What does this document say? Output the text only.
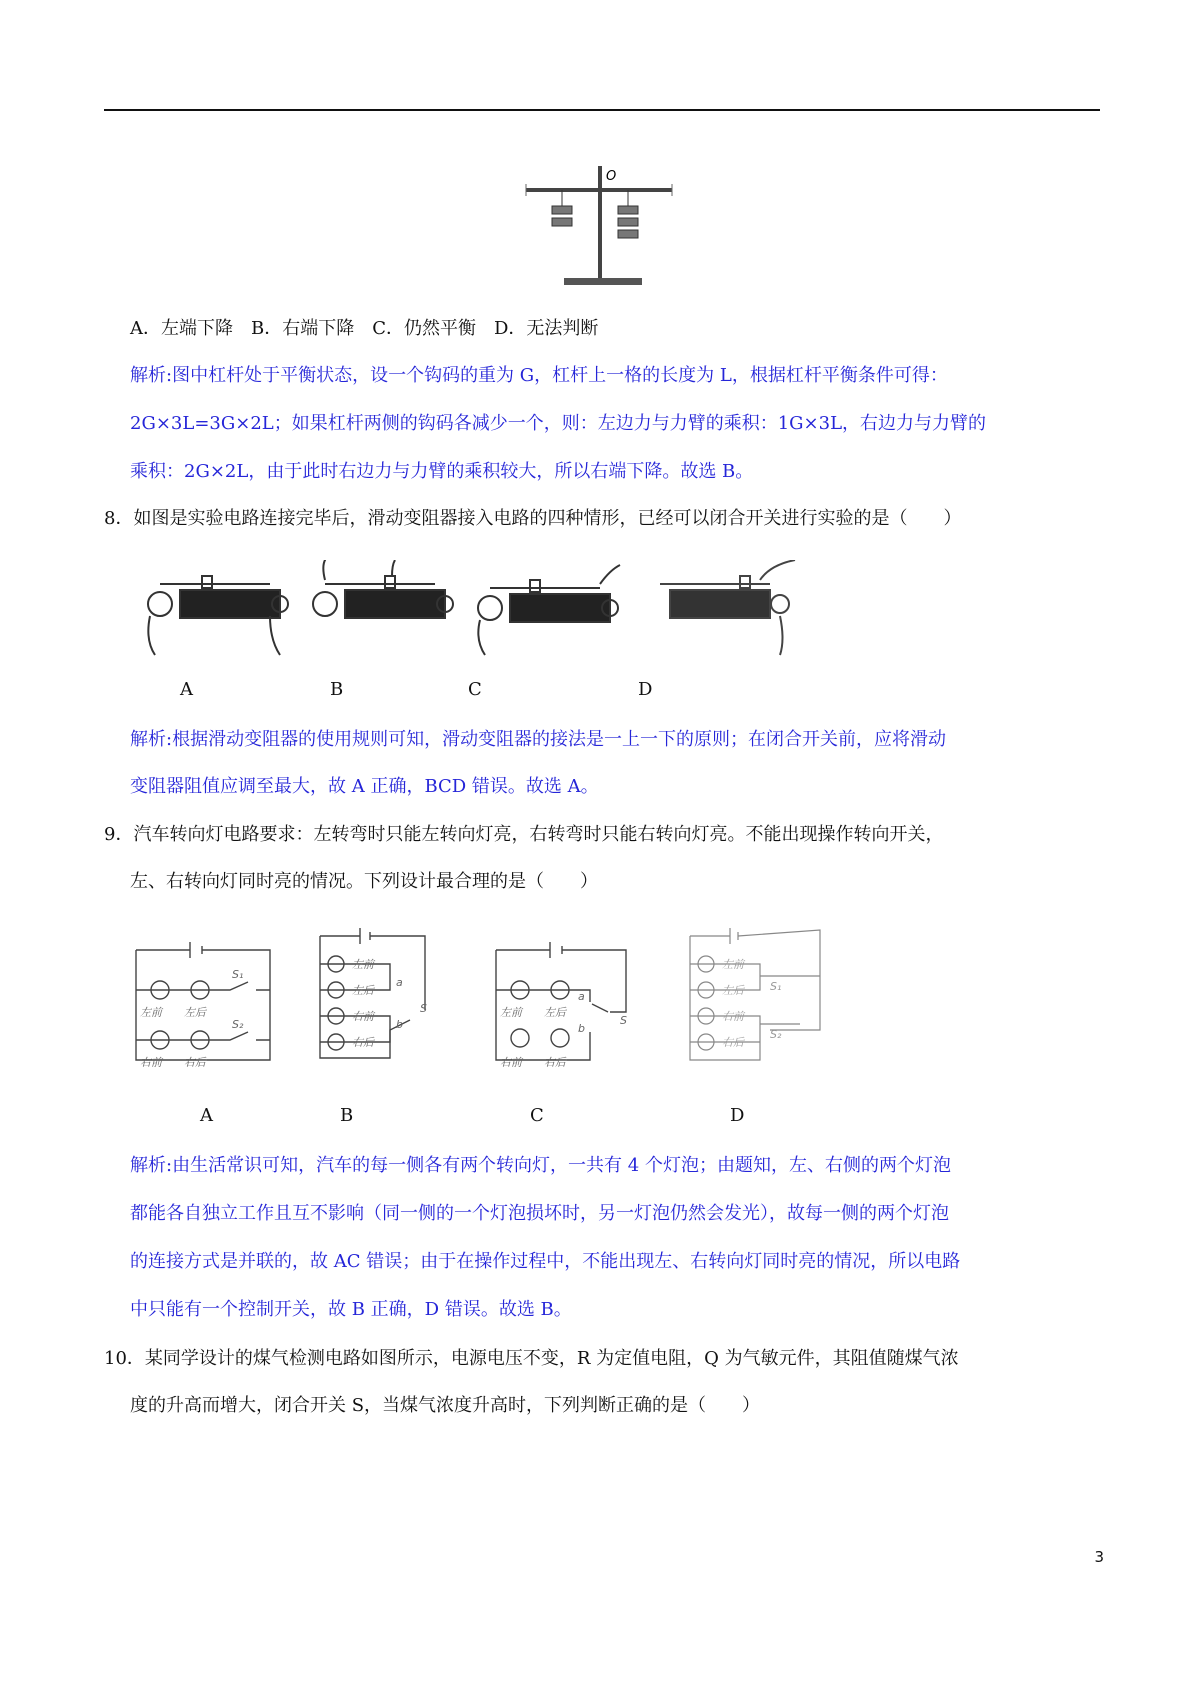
O
A．左端下降　B．右端下降　C．仍然平衡　D．无法判断
解析:图中杠杆处于平衡状态，设一个钩码的重为 G，杠杆上一格的长度为 L，根据杠杆平衡条件可得：
2G×3L=3G×2L；如果杠杆两侧的钩码各减少一个，则：左边力与力臂的乘积：1G×3L，右边力与力臂的
乘积：2G×2L，由于此时右边力与力臂的乘积较大，所以右端下降。故选 B。
8．如图是实验电路连接完毕后，滑动变阻器接入电路的四种情形，已经可以闭合开关进行实验的是（　　）
A	B	C	D
解析:根据滑动变阻器的使用规则可知，滑动变阻器的接法是一上一下的原则；在闭合开关前，应将滑动
变阻器阻值应调至最大，故 A 正确，BCD 错误。故选 A。
9．汽车转向灯电路要求：左转弯时只能左转向灯亮，右转弯时只能右转向灯亮。不能出现操作转向开关，
左、右转向灯同时亮的情况。下列设计最合理的是（　　）
左前 左后
右前 右后
S₁
S₂
左前
左后
右前
右后
a
b
S	左前 左后
右前 右后
a
b
S
左前
左后
右前
右后
S₁
S₂
A	B	C	D
解析:由生活常识可知，汽车的每一侧各有两个转向灯，一共有 4 个灯泡；由题知，左、右侧的两个灯泡
都能各自独立工作且互不影响（同一侧的一个灯泡损坏时，另一灯泡仍然会发光），故每一侧的两个灯泡
的连接方式是并联的，故 AC 错误；由于在操作过程中，不能出现左、右转向灯同时亮的情况，所以电路
中只能有一个控制开关，故 B 正确，D 错误。故选 B。
10．某同学设计的煤气检测电路如图所示，电源电压不变，R 为定值电阻，Q 为气敏元件，其阻值随煤气浓
度的升高而增大，闭合开关 S，当煤气浓度升高时，下列判断正确的是（　　）
3
